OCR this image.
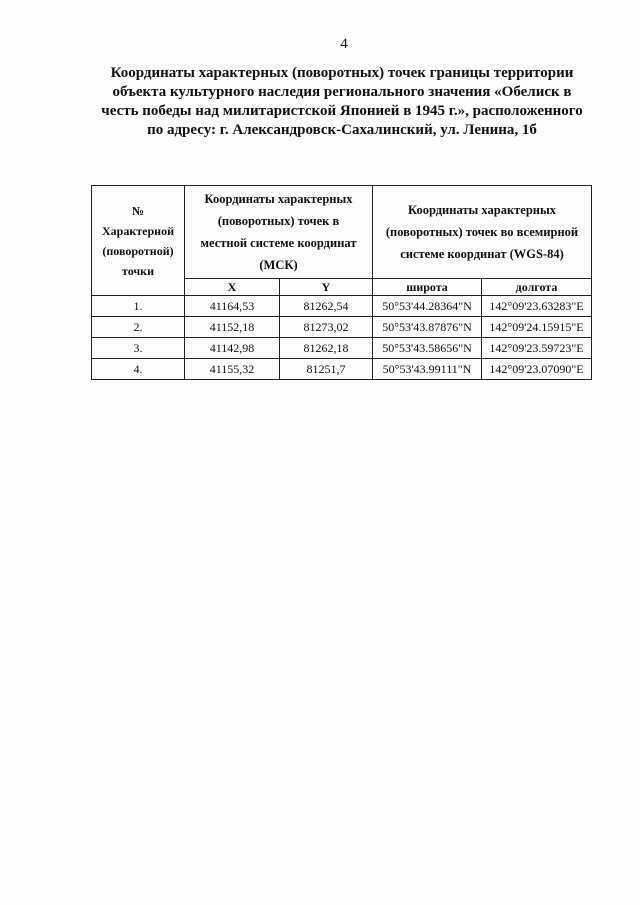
4
Координаты характерных (поворотных) точек границы территории
объекта культурного наследия регионального значения «Обелиск в
честь победы над милитаристской Японией в 1945 г.», расположенного
по адресу: г. Александровск-Сахалинский, ул. Ленина, 1б
№
Характерной
(поворотной)
точки	Координаты характерных
(поворотных) точек в
местной системе координат
(МСК)		Координаты характерных
(поворотных) точек во всемирной
системе координат (WGS-84)	

	X	Y	широта	долгота
1.	41164,53	81262,54	50°53'44.28364"N	142°09'23.63283"E
2.	41152,18	81273,02	50°53'43.87876"N	142°09'24.15915"E
3.	41142,98	81262,18	50°53'43.58656"N	142°09'23.59723"E
4.	41155,32	81251,7	50°53'43.99111"N	142°09'23.07090"E
